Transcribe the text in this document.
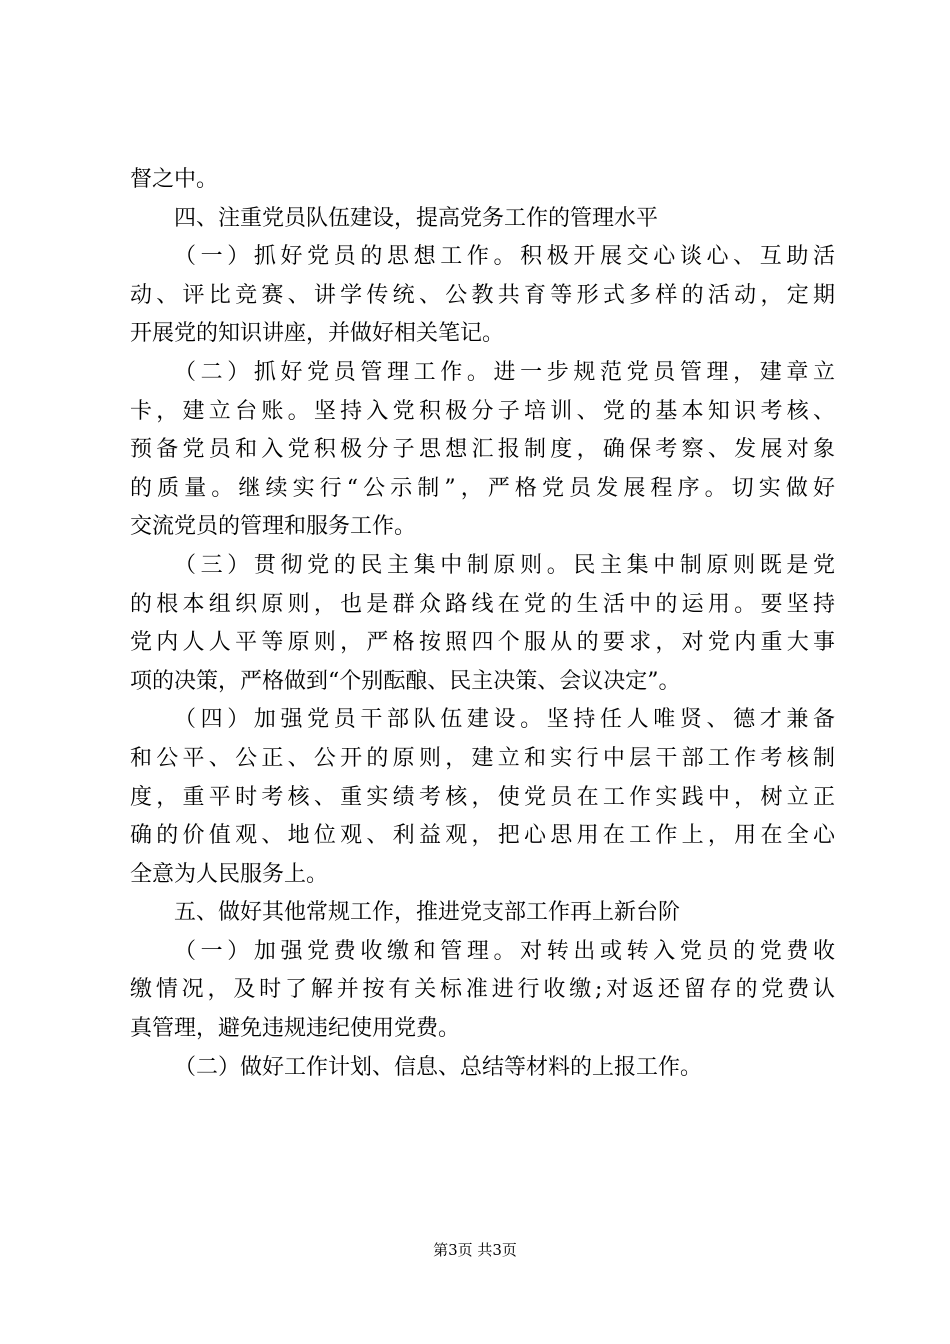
督之中。
四、注重党员队伍建设，提高党务工作的管理水平
（一）抓好党员的思想工作。积极开展交心谈心、互助活
动、评比竞赛、讲学传统、公教共育等形式多样的活动，定期
开展党的知识讲座，并做好相关笔记。
（二）抓好党员管理工作。进一步规范党员管理，建章立
卡，建立台账。坚持入党积极分子培训、党的基本知识考核、
预备党员和入党积极分子思想汇报制度，确保考察、发展对象
的质量。继续实行“公示制”，严格党员发展程序。切实做好
交流党员的管理和服务工作。
（三）贯彻党的民主集中制原则。民主集中制原则既是党
的根本组织原则，也是群众路线在党的生活中的运用。要坚持
党内人人平等原则，严格按照四个服从的要求，对党内重大事
项的决策，严格做到“个别酝酿、民主决策、会议决定”。
（四）加强党员干部队伍建设。坚持任人唯贤、德才兼备
和公平、公正、公开的原则，建立和实行中层干部工作考核制
度，重平时考核、重实绩考核，使党员在工作实践中，树立正
确的价值观、地位观、利益观，把心思用在工作上，用在全心
全意为人民服务上。
五、做好其他常规工作，推进党支部工作再上新台阶
（一）加强党费收缴和管理。对转出或转入党员的党费收
缴情况，及时了解并按有关标准进行收缴;对返还留存的党费认
真管理，避免违规违纪使用党费。
（二）做好工作计划、信息、总结等材料的上报工作。
第3页 共3页
